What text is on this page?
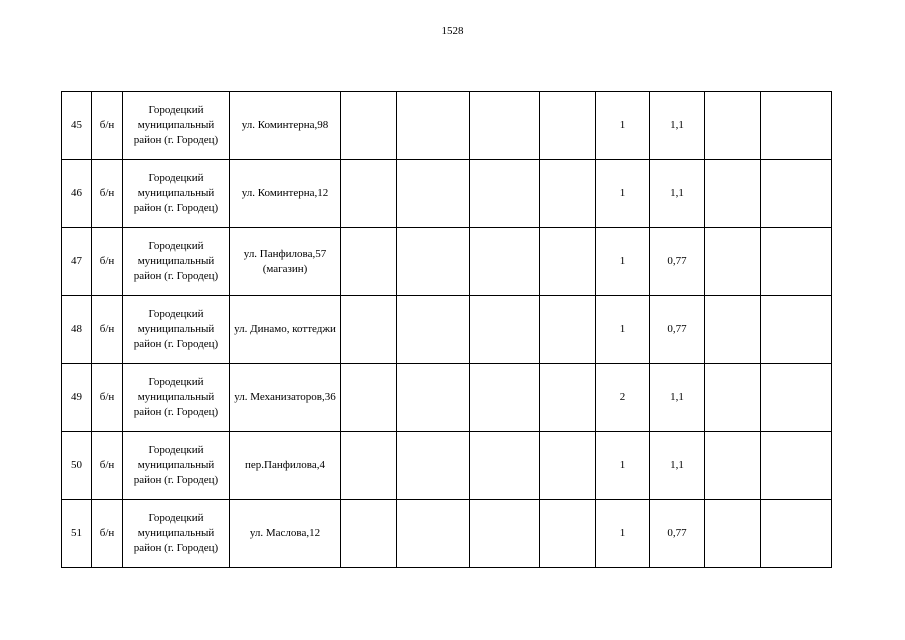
1528
45	б/н	Городецкий муниципальный район (г. Городец)	ул. Коминтерна,98					1	1,1		
46	б/н	Городецкий муниципальный район (г. Городец)	ул. Коминтерна,12					1	1,1		
47	б/н	Городецкий муниципальный район (г. Городец)	ул. Панфилова,57 (магазин)					1	0,77		
48	б/н	Городецкий муниципальный район (г. Городец)	ул. Динамо, коттеджи					1	0,77		
49	б/н	Городецкий муниципальный район (г. Городец)	ул. Механизаторов,36					2	1,1		
50	б/н	Городецкий муниципальный район (г. Городец)	пер.Панфилова,4					1	1,1		
51	б/н	Городецкий муниципальный район (г. Городец)	ул. Маслова,12					1	0,77		
